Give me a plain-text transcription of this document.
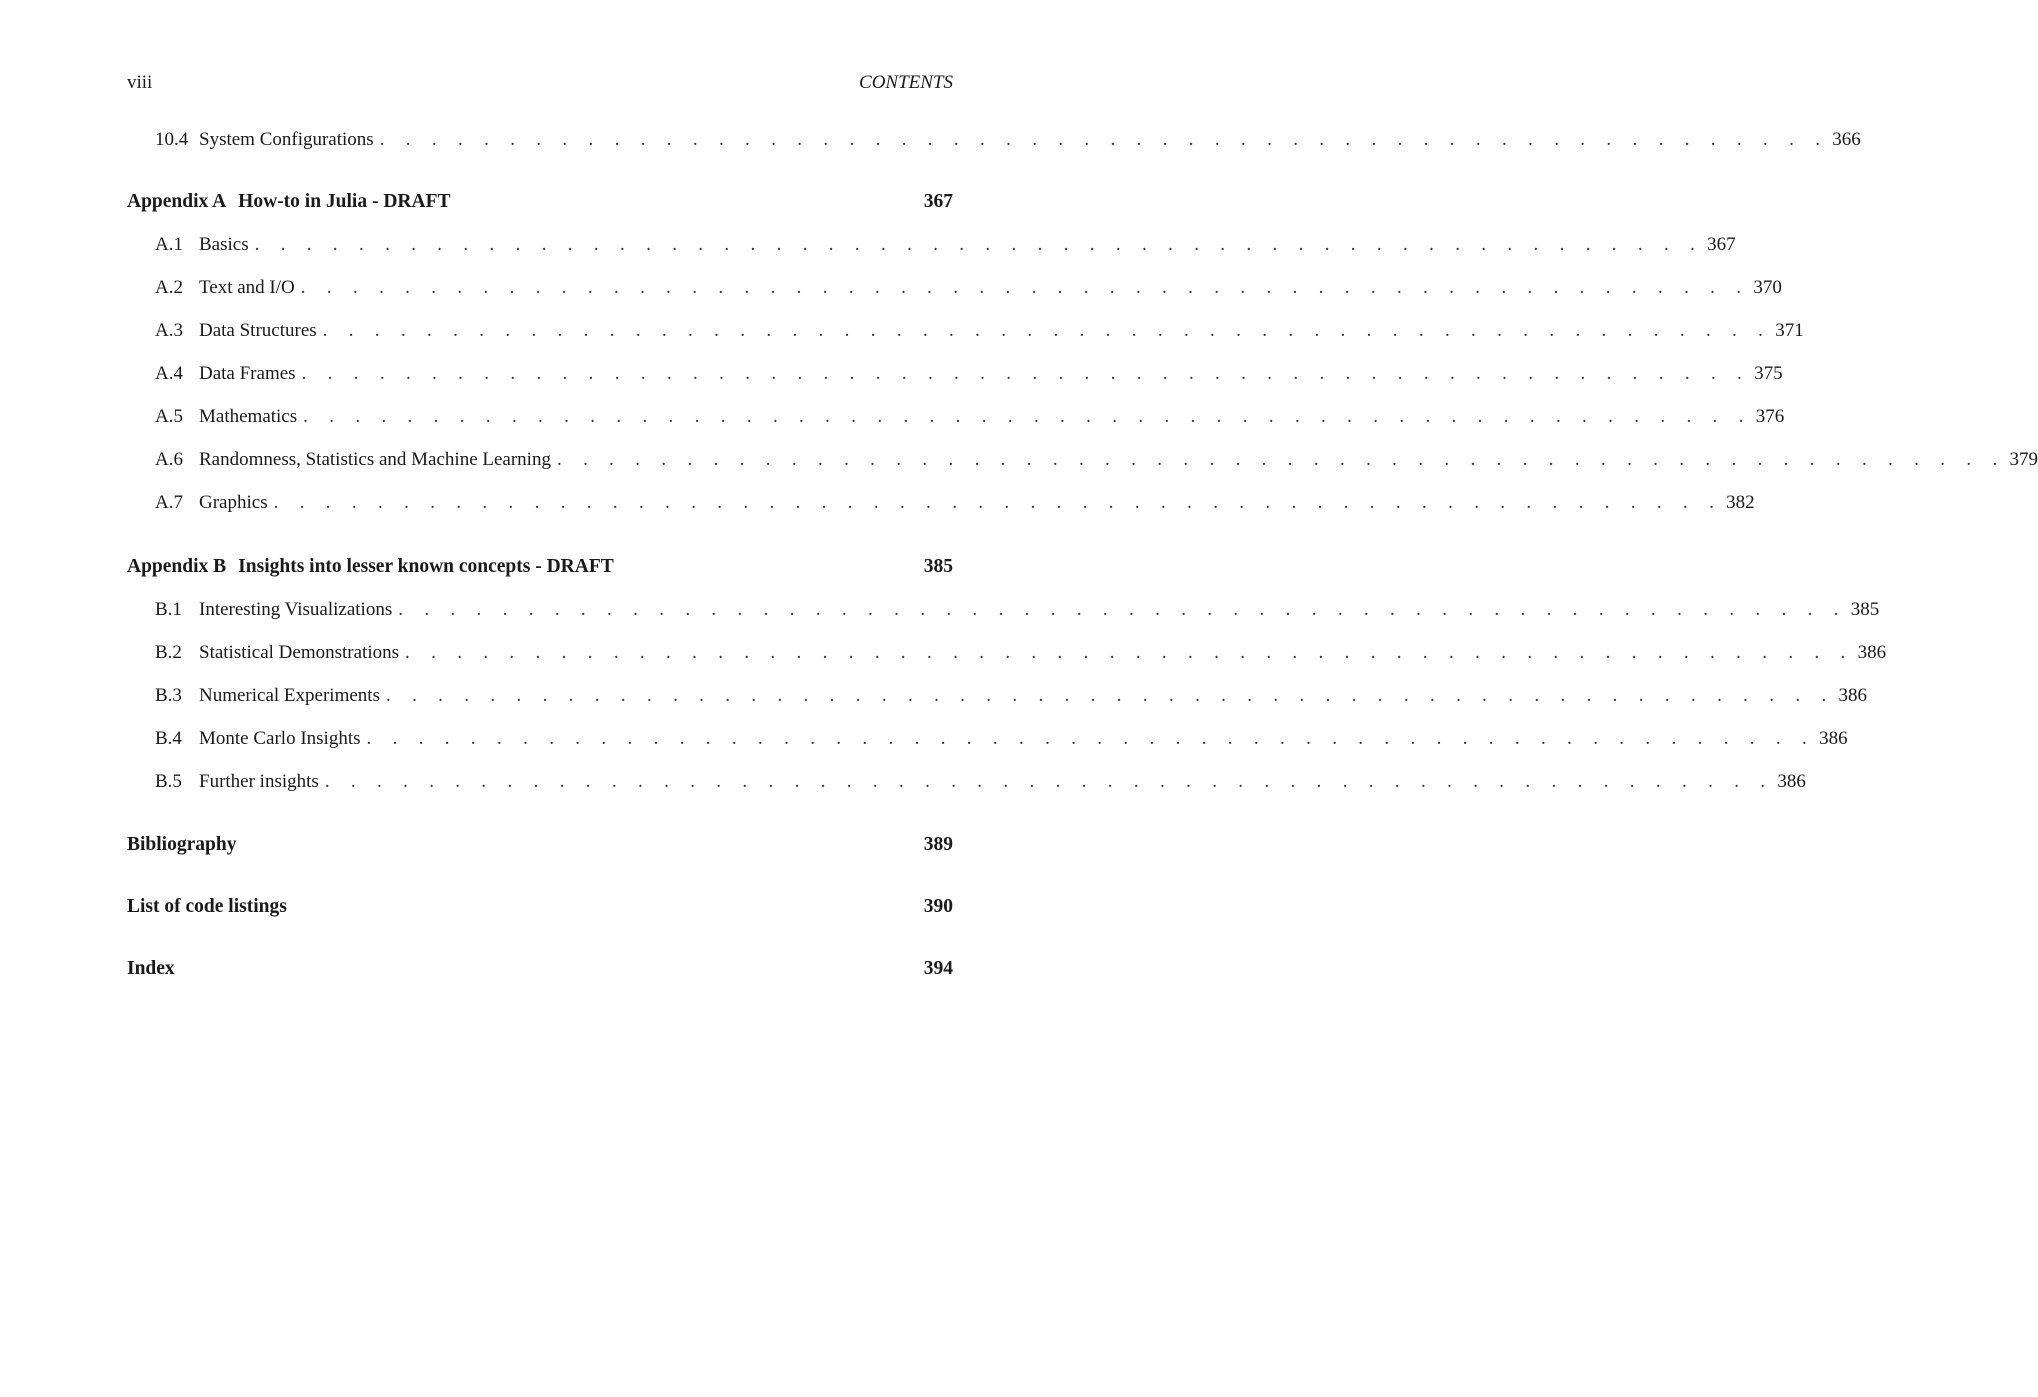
viii	CONTENTS
10.4 System Configurations . . . . . . . . . . . . . . . . . . . . . . . . . . . . . . . . . . . . . . . . . . . . . . . . . . . . . . . . 366
Appendix A How-to in Julia - DRAFT	367
A.1 Basics . . . . . . . . . . . . . . . . . . . . . . . . . . . . . . . . . . . . . . . . . . . . . . . . . . . . . . . . 367
A.2 Text and I/O . . . . . . . . . . . . . . . . . . . . . . . . . . . . . . . . . . . . . . . . . . . . . . . . . . . . . . . . 370
A.3 Data Structures . . . . . . . . . . . . . . . . . . . . . . . . . . . . . . . . . . . . . . . . . . . . . . . . . . . . . . . . 371
A.4 Data Frames . . . . . . . . . . . . . . . . . . . . . . . . . . . . . . . . . . . . . . . . . . . . . . . . . . . . . . . . 375
A.5 Mathematics . . . . . . . . . . . . . . . . . . . . . . . . . . . . . . . . . . . . . . . . . . . . . . . . . . . . . . . . 376
A.6 Randomness, Statistics and Machine Learning . . . . . . . . . . . . . . . . . . . . . . . . . . . . . . . . . . . . . . . . . . . . . . . . . . . . . . . . 379
A.7 Graphics . . . . . . . . . . . . . . . . . . . . . . . . . . . . . . . . . . . . . . . . . . . . . . . . . . . . . . . . 382
Appendix B Insights into lesser known concepts - DRAFT	385
B.1 Interesting Visualizations . . . . . . . . . . . . . . . . . . . . . . . . . . . . . . . . . . . . . . . . . . . . . . . . . . . . . . . . 385
B.2 Statistical Demonstrations . . . . . . . . . . . . . . . . . . . . . . . . . . . . . . . . . . . . . . . . . . . . . . . . . . . . . . . . 386
B.3 Numerical Experiments . . . . . . . . . . . . . . . . . . . . . . . . . . . . . . . . . . . . . . . . . . . . . . . . . . . . . . . . 386
B.4 Monte Carlo Insights . . . . . . . . . . . . . . . . . . . . . . . . . . . . . . . . . . . . . . . . . . . . . . . . . . . . . . . . 386
B.5 Further insights . . . . . . . . . . . . . . . . . . . . . . . . . . . . . . . . . . . . . . . . . . . . . . . . . . . . . . . . 386
Bibliography	389
List of code listings	390
Index	394
